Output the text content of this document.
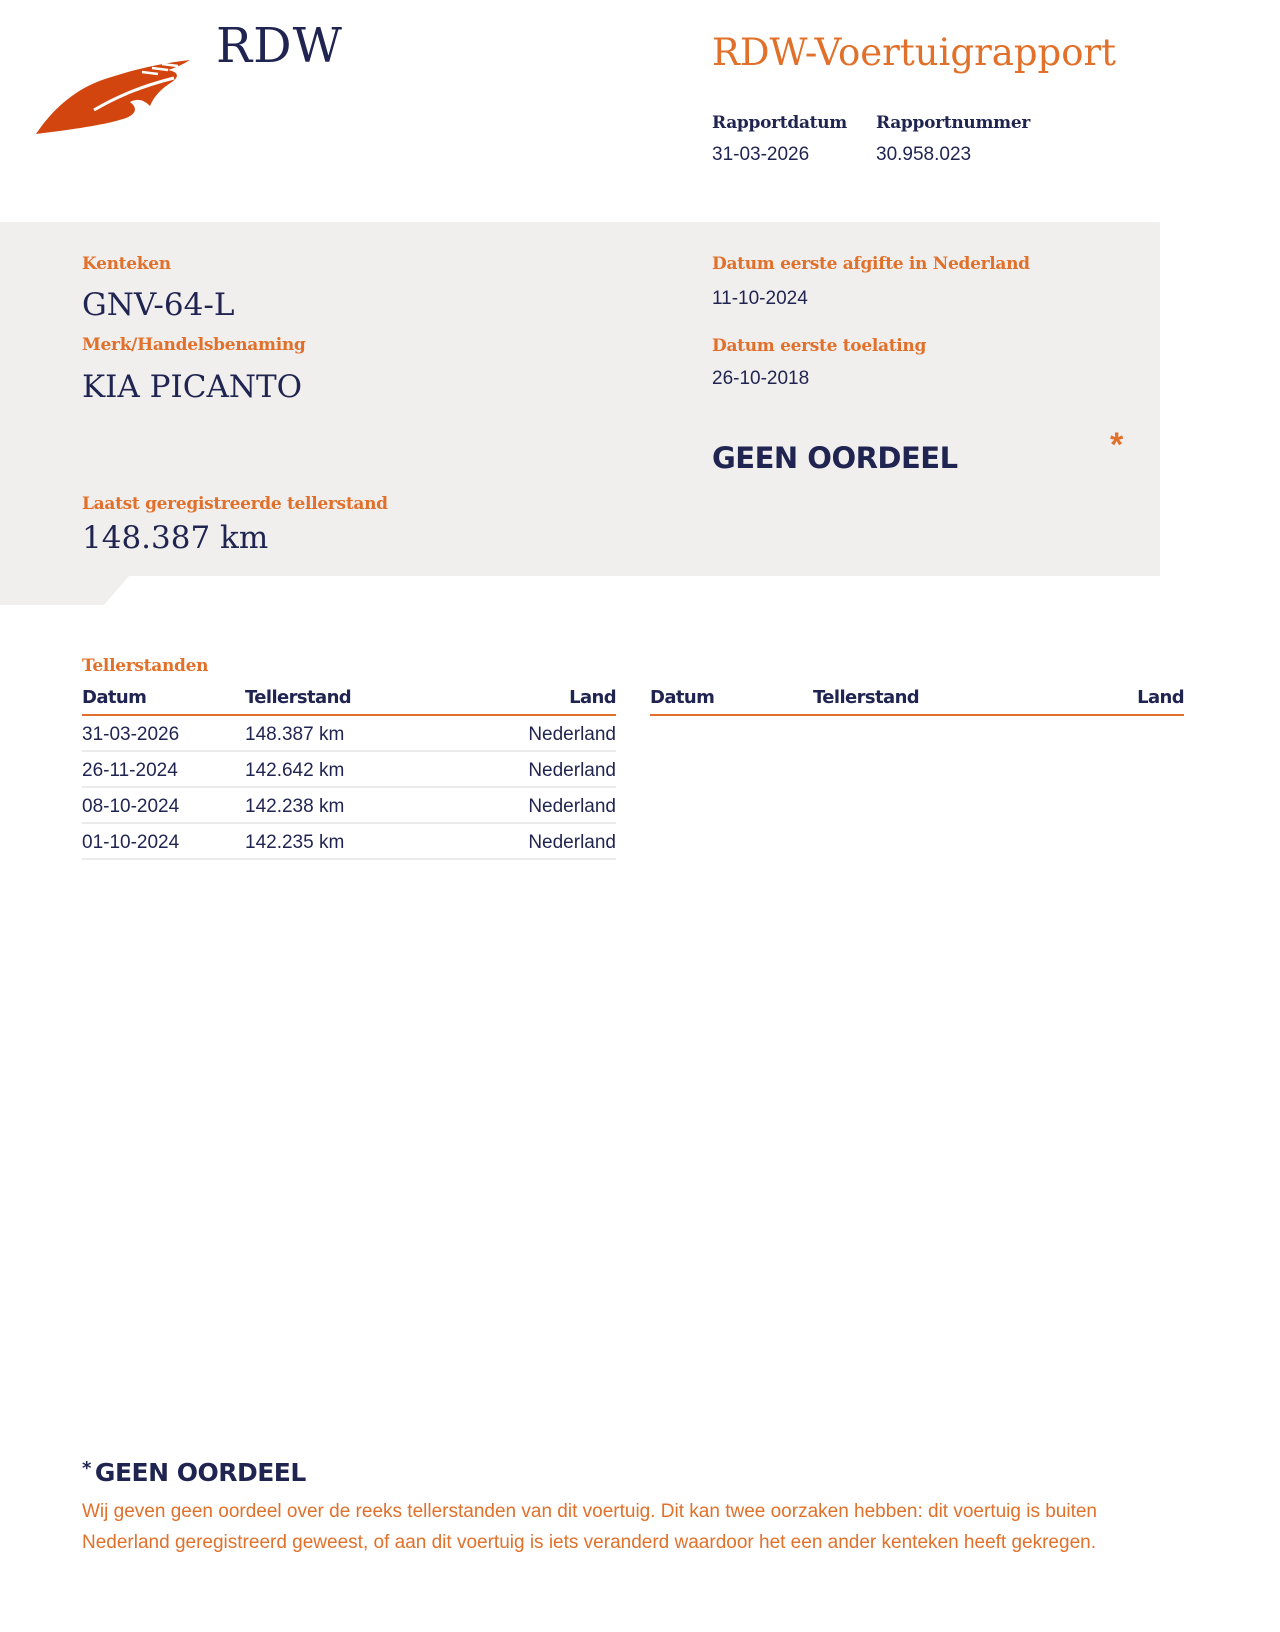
RDW	RDW-Voertuigrapport
Rapportdatum
31-03-2026
Rapportnummer
30.958.023
Kenteken
GNV-64-L
Merk/Handelsbenaming
KIA PICANTO
Laatst geregistreerde tellerstand
148.387 km
Datum eerste afgifte in Nederland
11-10-2024
Datum eerste toelating
26-10-2018
GEEN OORDEEL	*
Tellerstanden
Datum	Tellerstand	Land
31-03-2026	148.387 km	Nederland
26-11-2024	142.642 km	Nederland
08-10-2024	142.238 km	Nederland
01-10-2024	142.235 km	Nederland
Datum	Tellerstand	Land
* GEEN OORDEEL
Wij geven geen oordeel over de reeks tellerstanden van dit voertuig. Dit kan twee oorzaken hebben: dit voertuig is buiten Nederland geregistreerd geweest, of aan dit voertuig is iets veranderd waardoor het een ander kenteken heeft gekregen.
